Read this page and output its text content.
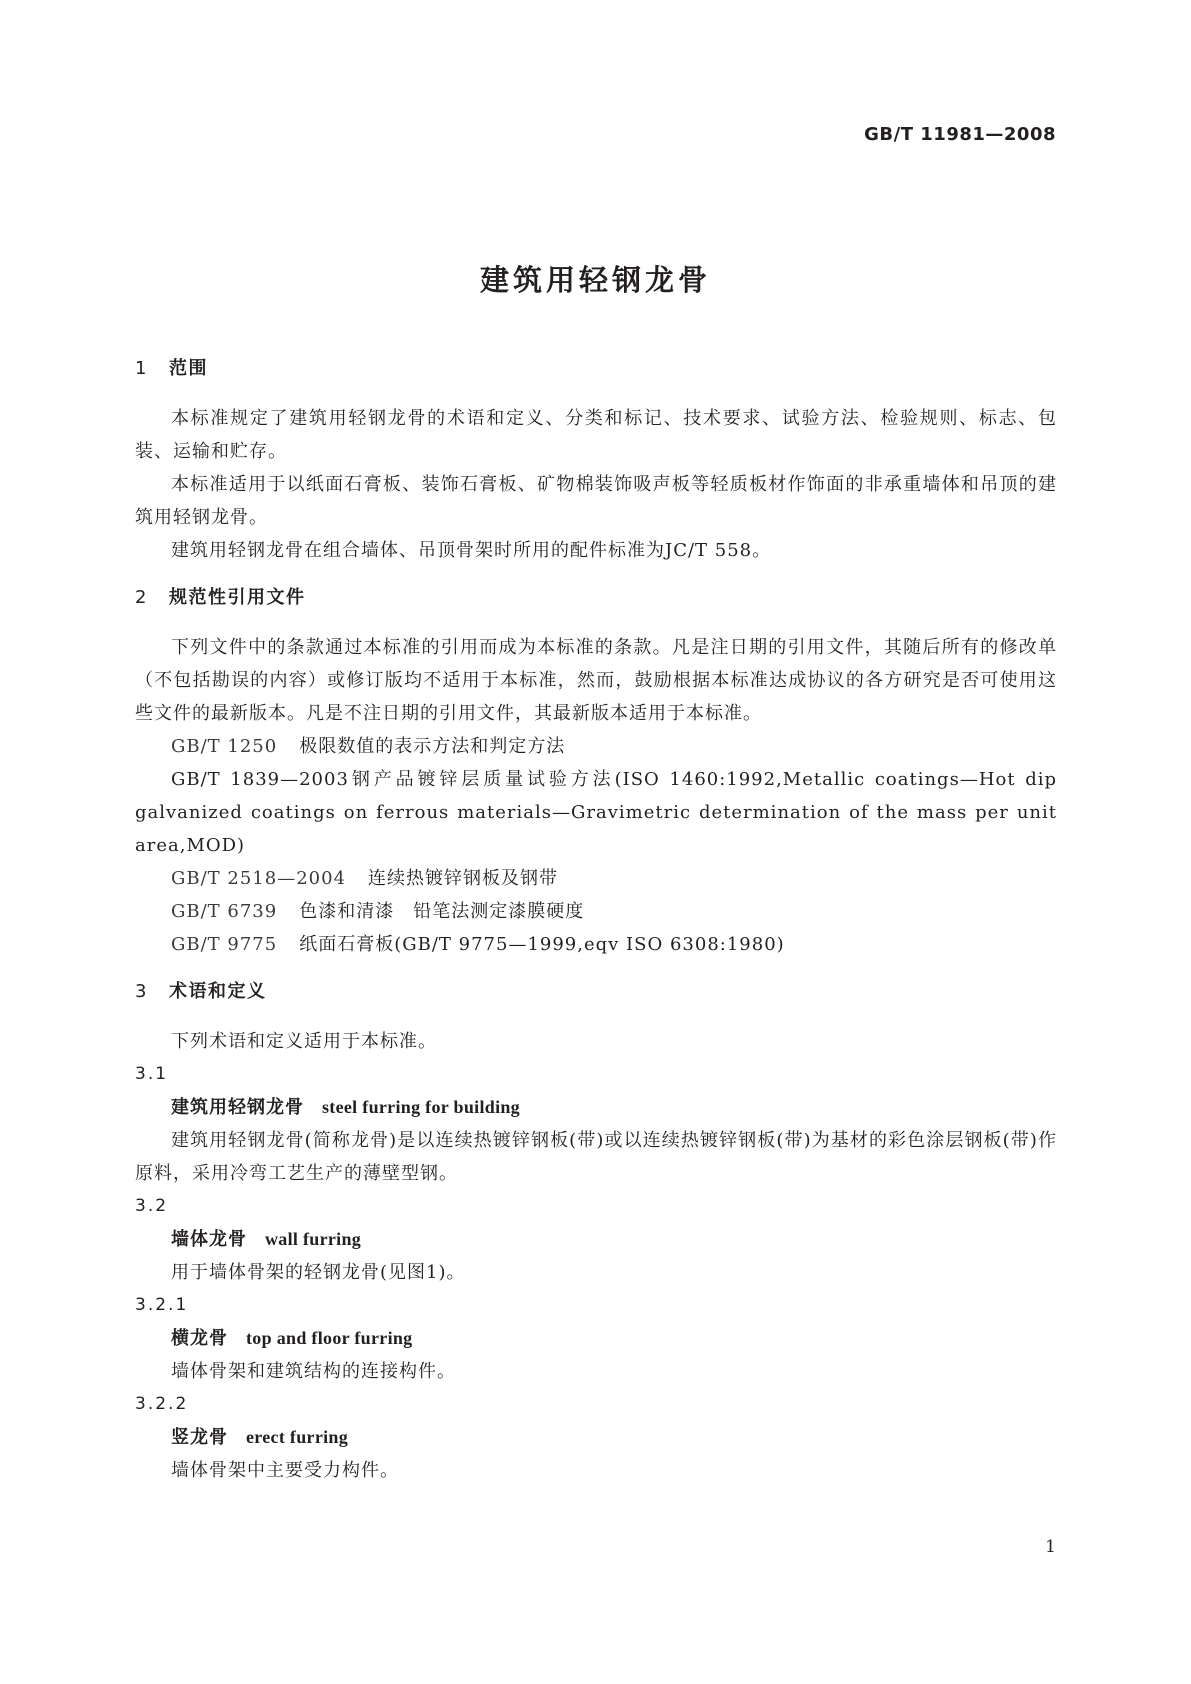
GB/T 11981—2008
建筑用轻钢龙骨

1 范围

本标准规定了建筑用轻钢龙骨的术语和定义、分类和标记、技术要求、试验方法、检验规则、标志、包装、运输和贮存。

本标准适用于以纸面石膏板、装饰石膏板、矿物棉装饰吸声板等轻质板材作饰面的非承重墙体和吊顶的建筑用轻钢龙骨。

建筑用轻钢龙骨在组合墙体、吊顶骨架时所用的配件标准为JC/T 558。

2 规范性引用文件

下列文件中的条款通过本标准的引用而成为本标准的条款。凡是注日期的引用文件，其随后所有的修改单（不包括勘误的内容）或修订版均不适用于本标准，然而，鼓励根据本标准达成协议的各方研究是否可使用这些文件的最新版本。凡是不注日期的引用文件，其最新版本适用于本标准。

GB/T 1250 极限数值的表示方法和判定方法

GB/T 1839—2003钢产品镀锌层质量试验方法(ISO 1460:1992,Metallic coatings—Hot dip galvanized coatings on ferrous materials—Gravimetric determination of the mass per unit area,MOD)

GB/T 2518—2004 连续热镀锌钢板及钢带

GB/T 6739 色漆和清漆　铅笔法测定漆膜硬度

GB/T 9775 纸面石膏板(GB/T 9775—1999,eqv ISO 6308:1980)

3 术语和定义

下列术语和定义适用于本标准。

3.1

建筑用轻钢龙骨 steel furring for building

建筑用轻钢龙骨(简称龙骨)是以连续热镀锌钢板(带)或以连续热镀锌钢板(带)为基材的彩色涂层钢板(带)作原料，采用冷弯工艺生产的薄壁型钢。

3.2

墙体龙骨 wall furring

用于墙体骨架的轻钢龙骨(见图1)。

3.2.1

横龙骨 top and floor furring

墙体骨架和建筑结构的连接构件。

3.2.2

竖龙骨 erect furring

墙体骨架中主要受力构件。

1
